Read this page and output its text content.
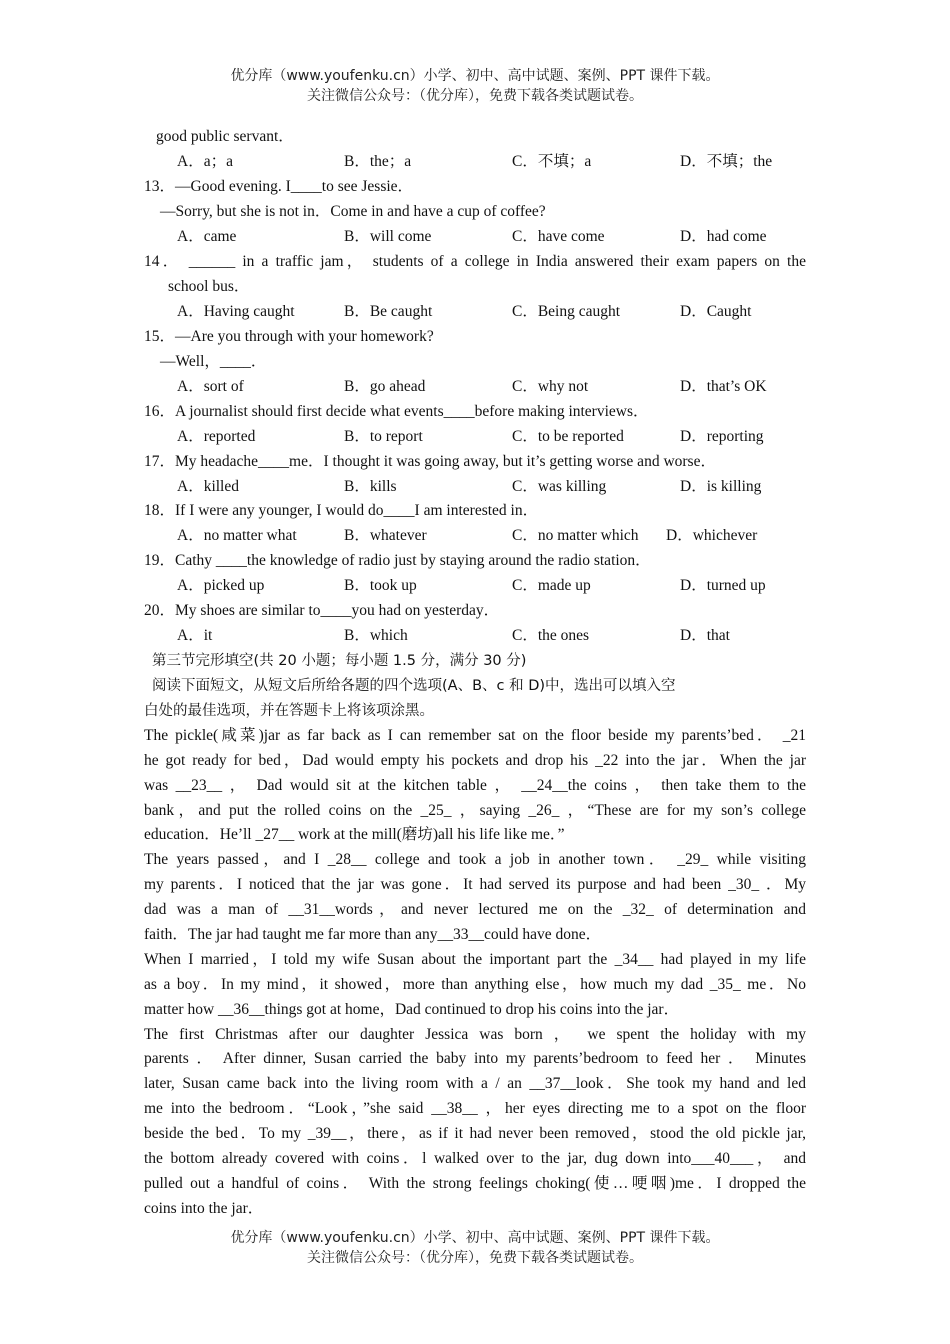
优分库（www.youfenku.cn）小学、初中、高中试题、案例、PPT 课件下载。
关注微信公众号：（优分库），免费下载各类试题试卷。
good public servant．
A．a；a	B．the；a	C．不填；a	D．不填；the
13．—Good evening. I____to see Jessie．
—Sorry, but she is not in．Come in and have a cup of coffee?
A．came	B．will come	C．have come	D．had come
14． ______ in a traffic jam， students of a college in India answered their exam papers on the
school bus．
A．Having caught	B．Be caught	C．Being caught	D．Caught
15．—Are you through with your homework?
—Well，____．
A．sort of	B．go ahead	C．why not	D．that’s OK
16．A journalist should first decide what events____before making interviews．
A．reported	B．to report	C．to be reported	D．reporting
17．My headache____me．I thought it was going away, but it’s getting worse and worse．
A．killed	B．kills	C．was killing	D．is killing
18．If I were any younger, I would do____I am interested in．
A．no matter what	B．whatever	C．no matter which D．whichever
19．Cathy ____the knowledge of radio just by staying around the radio station．
A．picked up	B．took up	C．made up	D．turned up
20．My shoes are similar to____you had on yesterday．
A．it	B．which	C．the ones	D．that
第三节完形填空(共 20 小题；每小题 1.5 分，满分 30 分)
阅读下面短文，从短文后所给各题的四个选项(A、B、c 和 D)中，选出可以填入空
白处的最佳选项，并在答题卡上将该项涂黑。
The pickle(咸菜)jar as far back as I can remember sat on the floor beside my parents’bed． _21
he got ready for bed，Dad would empty his pockets and drop his _22 into the jar．When the jar
was __23__ ， Dad would sit at the kitchen table ， __24__the coins ， then take them to the
bank，and put the rolled coins on the _25_ ，saying _26_ ，“These are for my son’s college
education．He’ll _27__ work at the mill(磨坊)all his life like me．”
The years passed，and I _28__ college and took a job in another town． _29_ while visiting
my parents．I noticed that the jar was gone．It had served its purpose and had been _30_ ．My
dad was a man of __31__words，and never lectured me on the _32_ of determination and
faith．The jar had taught me far more than any__33__could have done．
When I married，I told my wife Susan about the important part the _34__ had played in my life
as a boy．In my mind，it showed，more than anything else，how much my dad _35_ me．No
matter how __36__things got at home，Dad continued to drop his coins into the jar．
The first Christmas after our daughter Jessica was born ， we spent the holiday with my
parents ． After dinner, Susan carried the baby into my parents’bedroom to feed her ． Minutes
later, Susan came back into the living room with a / an __37__look．She took my hand and led
me into the bedroom．“Look，”she said __38__ ，her eyes directing me to a spot on the floor
beside the bed．To my _39__，there，as if it had never been removed，stood the old pickle jar,
the bottom already covered with coins．l walked over to the jar, dug down into___40___， and
pulled out a handful of coins． With the strong feelings choking(使…哽咽)me．I dropped the
coins into the jar．
优分库（www.youfenku.cn）小学、初中、高中试题、案例、PPT 课件下载。
关注微信公众号：（优分库），免费下载各类试题试卷。
